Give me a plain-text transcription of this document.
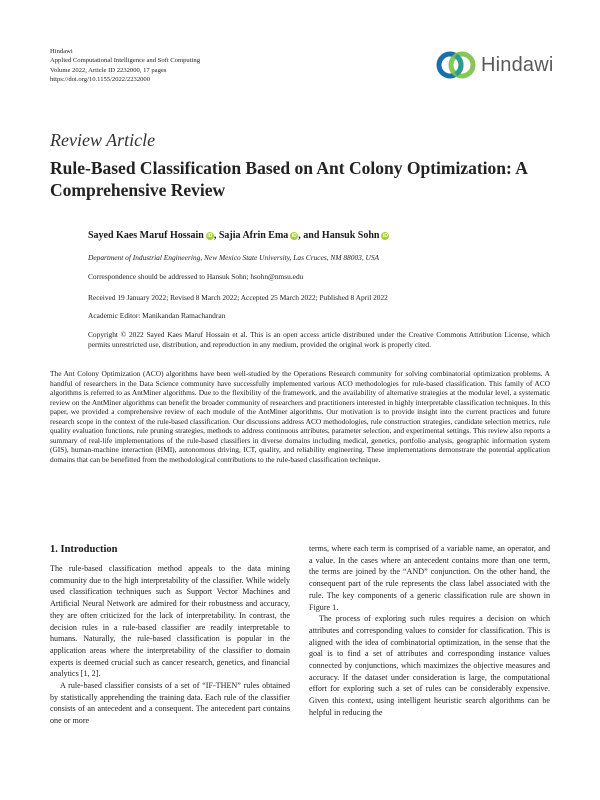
Hindawi
Applied Computational Intelligence and Soft Computing
Volume 2022, Article ID 2232000, 17 pages
https://doi.org/10.1155/2022/2232000
Hindawi
Review Article
Rule-Based Classification Based on Ant Colony Optimization: A Comprehensive Review
Sayed Kaes Maruf Hossain iD , Sajia Afrin Ema iD , and Hansuk Sohn iD
Department of Industrial Engineering, New Mexico State University, Las Cruces, NM 88003, USA
Correspondence should be addressed to Hansuk Sohn; hsohn@nmsu.edu
Received 19 January 2022; Revised 8 March 2022; Accepted 25 March 2022; Published 8 April 2022
Academic Editor: Manikandan Ramachandran
Copyright © 2022 Sayed Kaes Maruf Hossain et al. This is an open access article distributed under the Creative Commons Attribution License, which permits unrestricted use, distribution, and reproduction in any medium, provided the original work is properly cited.
The Ant Colony Optimization (ACO) algorithms have been well-studied by the Operations Research community for solving combinatorial optimization problems. A handful of researchers in the Data Science community have successfully implemented various ACO methodologies for rule-based classification. This family of ACO algorithms is referred to as AntMiner algorithms. Due to the flexibility of the framework, and the availability of alternative strategies at the modular level, a systematic review on the AntMiner algorithms can benefit the broader community of researchers and practitioners interested in highly interpretable classification techniques. In this paper, we provided a comprehensive review of each module of the AntMiner algorithms. Our motivation is to provide insight into the current practices and future research scope in the context of the rule-based classification. Our discussions address ACO methodologies, rule construction strategies, candidate selection metrics, rule quality evaluation functions, rule pruning strategies, methods to address continuous attributes, parameter selection, and experimental settings. This review also reports a summary of real-life implementations of the rule-based classifiers in diverse domains including medical, genetics, portfolio analysis, geographic information system (GIS), human-machine interaction (HMI), autonomous driving, ICT, quality, and reliability engineering. These implementations demonstrate the potential application domains that can be benefitted from the methodological contributions to the rule-based classification technique.
1. Introduction

The rule-based classification method appeals to the data mining community due to the high interpretability of the classifier. While widely used classification techniques such as Support Vector Machines and Artificial Neural Network are admired for their robustness and accuracy, they are often criticized for the lack of interpretability. In contrast, the decision rules in a rule-based classifier are readily interpretable to humans. Naturally, the rule-based classification is popular in the application areas where the interpretability of the classifier to domain experts is deemed crucial such as cancer research, genetics, and financial analytics [1, 2].

A rule-based classifier consists of a set of “IF-THEN” rules obtained by statistically apprehending the training data. Each rule of the classifier consists of an antecedent and a consequent. The antecedent part contains one or more

terms, where each term is comprised of a variable name, an operator, and a value. In the cases where an antecedent contains more than one term, the terms are joined by the “AND” conjunction. On the other hand, the consequent part of the rule represents the class label associated with the rule. The key components of a generic classification rule are shown in Figure 1.

The process of exploring such rules requires a decision on which attributes and corresponding values to consider for classification. This is aligned with the idea of combinatorial optimization, in the sense that the goal is to find a set of attributes and corresponding instance values connected by conjunctions, which maximizes the objective measures and accuracy. If the dataset under consideration is large, the computational effort for exploring such a set of rules can be considerably expensive. Given this context, using intelligent heuristic search algorithms can be helpful in reducing the
